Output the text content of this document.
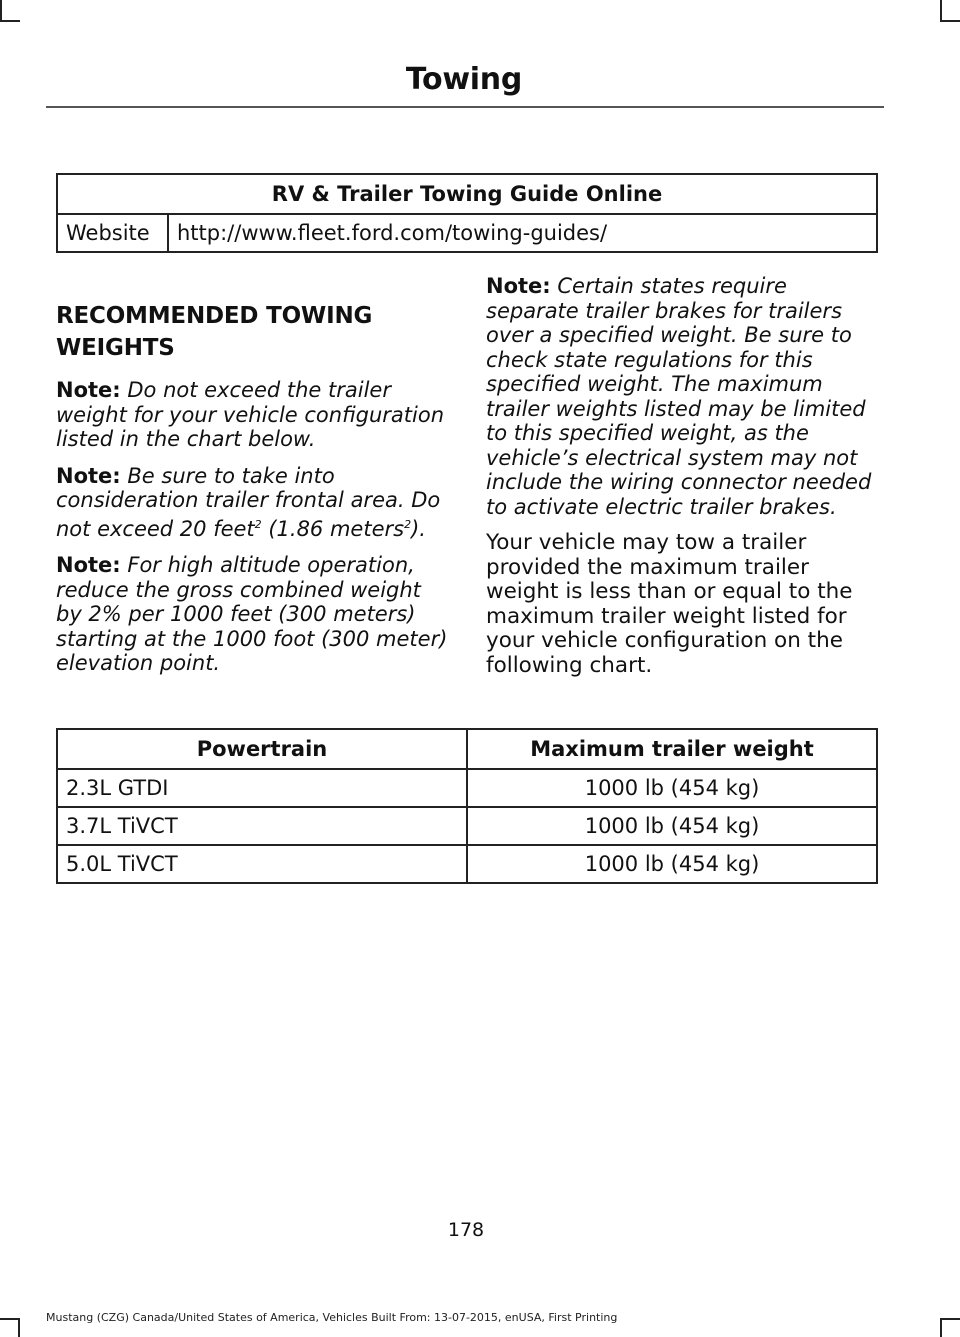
Towing
RV & Trailer Towing Guide Online
Website	http://www.fleet.ford.com/towing-guides/
RECOMMENDED TOWING
WEIGHTS

Note: Do not exceed the trailer weight for your vehicle configuration listed in the chart below.

Note: Be sure to take into consideration trailer frontal area. Do not exceed 20 feet$^2$ (1.86 meters$^2$).

Note: For high altitude operation, reduce the gross combined weight by 2% per 1000 feet (300 meters) starting at the 1000 foot (300 meter) elevation point.

Note: Certain states require separate trailer brakes for trailers over a specified weight. Be sure to check state regulations for this specified weight. The maximum trailer weights listed may be limited to this specified weight, as the vehicle’s electrical system may not include the wiring connector needed to activate electric trailer brakes.

Your vehicle may tow a trailer provided the maximum trailer weight is less than or equal to the maximum trailer weight listed for your vehicle configuration on the following chart.

Powertrain	Maximum trailer weight
2.3L GTDI	1000 lb (454 kg)
3.7L TiVCT	1000 lb (454 kg)
5.0L TiVCT	1000 lb (454 kg)
178
Mustang (CZG) Canada/United States of America, Vehicles Built From: 13-07-2015, enUSA, First Printing
